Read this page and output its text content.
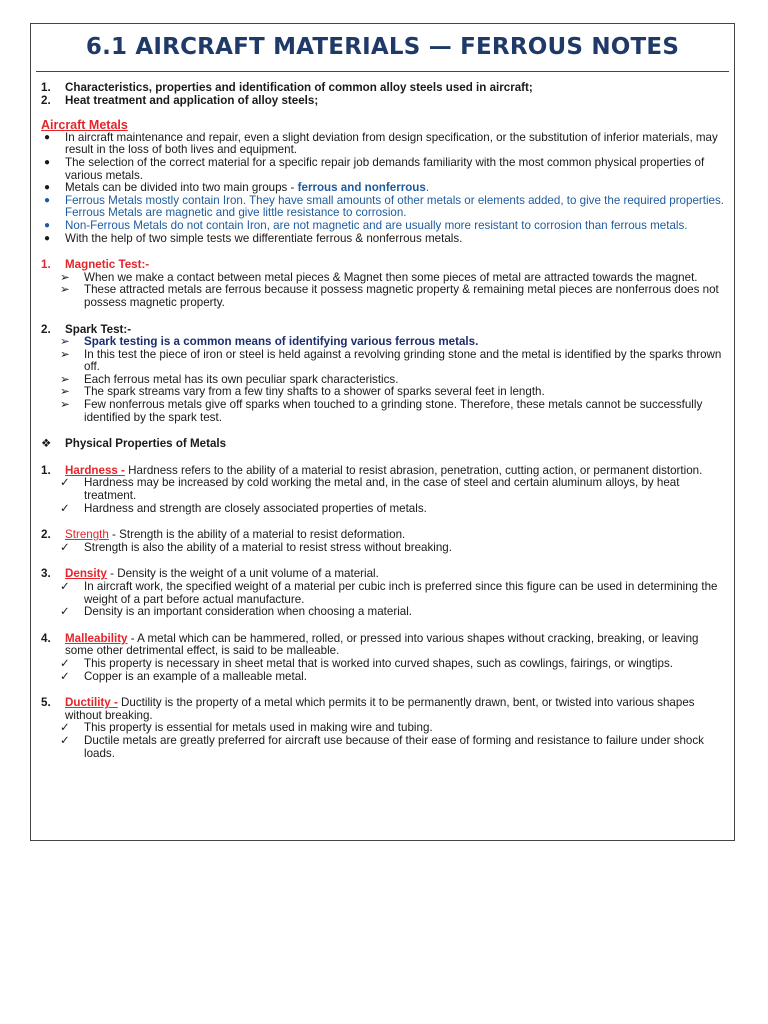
6.1 AIRCRAFT MATERIALS — FERROUS NOTES
1.	Characteristics, properties and identification of common alloy steels used in aircraft;
2.	Heat treatment and application of alloy steels;
Aircraft Metals
●	In aircraft maintenance and repair, even a slight deviation from design specification, or the substitution of inferior materials, may result in the loss of both lives and equipment.
●	The selection of the correct material for a specific repair job demands familiarity with the most common physical properties of various metals.
●	Metals can be divided into two main groups - ferrous and nonferrous.
●	Ferrous Metals mostly contain Iron. They have small amounts of other metals or elements added, to give the required properties. Ferrous Metals are magnetic and give little resistance to corrosion.
●	Non-Ferrous Metals do not contain Iron, are not magnetic and are usually more resistant to corrosion than ferrous metals.
●	With the help of two simple tests we differentiate ferrous & nonferrous metals.
1.	Magnetic Test:-
➢	When we make a contact between metal pieces & Magnet then some pieces of metal are attracted towards the magnet.
➢	These attracted metals are ferrous because it possess magnetic property & remaining metal pieces are nonferrous does not possess magnetic property.
2.	Spark Test:-
➢	Spark testing is a common means of identifying various ferrous metals.
➢	In this test the piece of iron or steel is held against a revolving grinding stone and the metal is identified by the sparks thrown off.
➢	Each ferrous metal has its own peculiar spark characteristics.
➢	The spark streams vary from a few tiny shafts to a shower of sparks several feet in length.
➢	Few nonferrous metals give off sparks when touched to a grinding stone. Therefore, these metals cannot be successfully identified by the spark test.
❖	Physical Properties of Metals
1.	Hardness - Hardness refers to the ability of a material to resist abrasion, penetration, cutting action, or permanent distortion.
✓	Hardness may be increased by cold working the metal and, in the case of steel and certain aluminum alloys, by heat treatment.
✓	Hardness and strength are closely associated properties of metals.
2.	Strength - Strength is the ability of a material to resist deformation.
✓	Strength is also the ability of a material to resist stress without breaking.
3.	Density - Density is the weight of a unit volume of a material.
✓	In aircraft work, the specified weight of a material per cubic inch is preferred since this figure can be used in determining the weight of a part before actual manufacture.
✓	Density is an important consideration when choosing a material.
4.	Malleability - A metal which can be hammered, rolled, or pressed into various shapes without cracking, breaking, or leaving some other detrimental effect, is said to be malleable.
✓	This property is necessary in sheet metal that is worked into curved shapes, such as cowlings, fairings, or wingtips.
✓	Copper is an example of a malleable metal.
5.	Ductility - Ductility is the property of a metal which permits it to be permanently drawn, bent, or twisted into various shapes without breaking.
✓	This property is essential for metals used in making wire and tubing.
✓	Ductile metals are greatly preferred for aircraft use because of their ease of forming and resistance to failure under shock loads.
